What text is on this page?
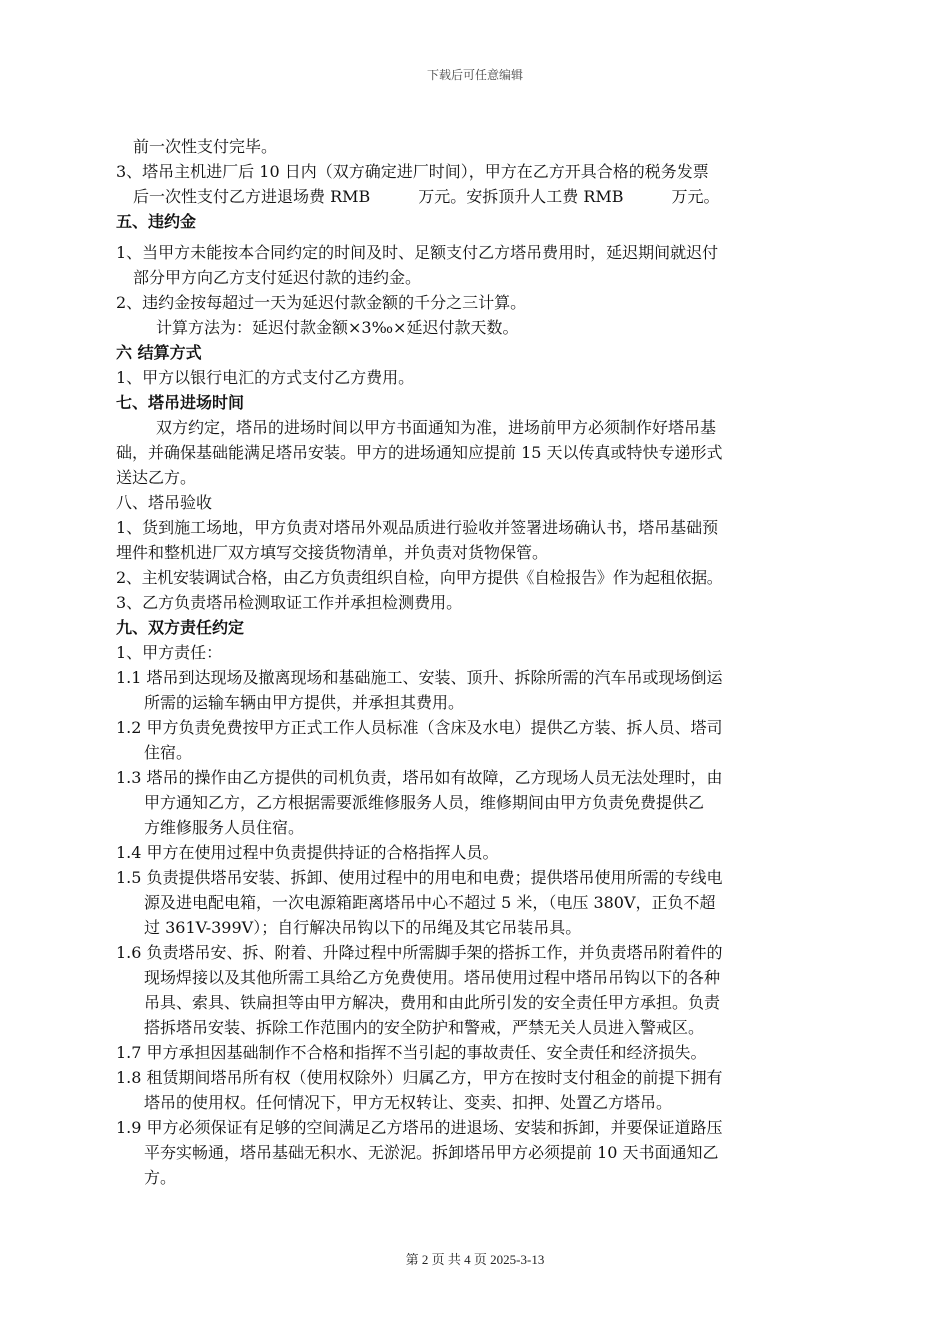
下载后可任意编辑
前一次性支付完毕。
3、塔吊主机进厂后 10 日内（双方确定进厂时间），甲方在乙方开具合格的税务发票
后一次性支付乙方进退场费 RMB　　　万元。安拆顶升人工费 RMB　　　万元。
五、违约金
1、当甲方未能按本合同约定的时间及时、足额支付乙方塔吊费用时，延迟期间就迟付
部分甲方向乙方支付延迟付款的违约金。
2、违约金按每超过一天为延迟付款金额的千分之三计算。
计算方法为：延迟付款金额×3‰×延迟付款天数。
六 结算方式
1、甲方以银行电汇的方式支付乙方费用。
七、塔吊进场时间
双方约定，塔吊的进场时间以甲方书面通知为准，进场前甲方必须制作好塔吊基
础，并确保基础能满足塔吊安装。甲方的进场通知应提前 15 天以传真或特快专递形式
送达乙方。
八、塔吊验收
1、货到施工场地，甲方负责对塔吊外观品质进行验收并签署进场确认书，塔吊基础预
埋件和整机进厂双方填写交接货物清单，并负责对货物保管。
2、主机安装调试合格，由乙方负责组织自检，向甲方提供《自检报告》作为起租依据。
3、乙方负责塔吊检测取证工作并承担检测费用。
九、双方责任约定
1、甲方责任：
1.1 塔吊到达现场及撤离现场和基础施工、安装、顶升、拆除所需的汽车吊或现场倒运
所需的运输车辆由甲方提供，并承担其费用。
1.2 甲方负责免费按甲方正式工作人员标准（含床及水电）提供乙方装、拆人员、塔司
住宿。
1.3 塔吊的操作由乙方提供的司机负责，塔吊如有故障，乙方现场人员无法处理时，由
甲方通知乙方，乙方根据需要派维修服务人员，维修期间由甲方负责免费提供乙
方维修服务人员住宿。
1.4 甲方在使用过程中负责提供持证的合格指挥人员。
1.5 负责提供塔吊安装、拆卸、使用过程中的用电和电费；提供塔吊使用所需的专线电
源及进电配电箱，一次电源箱距离塔吊中心不超过 5 米，（电压 380V，正负不超
过 361V-399V）；自行解决吊钩以下的吊绳及其它吊装吊具。
1.6 负责塔吊安、拆、附着、升降过程中所需脚手架的搭拆工作，并负责塔吊附着件的
现场焊接以及其他所需工具给乙方免费使用。塔吊使用过程中塔吊吊钩以下的各种
吊具、索具、铁扁担等由甲方解决，费用和由此所引发的安全责任甲方承担。负责
搭拆塔吊安装、拆除工作范围内的安全防护和警戒，严禁无关人员进入警戒区。
1.7 甲方承担因基础制作不合格和指挥不当引起的事故责任、安全责任和经济损失。
1.8 租赁期间塔吊所有权（使用权除外）归属乙方，甲方在按时支付租金的前提下拥有
塔吊的使用权。任何情况下，甲方无权转让、变卖、扣押、处置乙方塔吊。
1.9 甲方必须保证有足够的空间满足乙方塔吊的进退场、安装和拆卸，并要保证道路压
平夯实畅通，塔吊基础无积水、无淤泥。拆卸塔吊甲方必须提前 10 天书面通知乙
方。
第 2 页 共 4 页 2025-3-13
